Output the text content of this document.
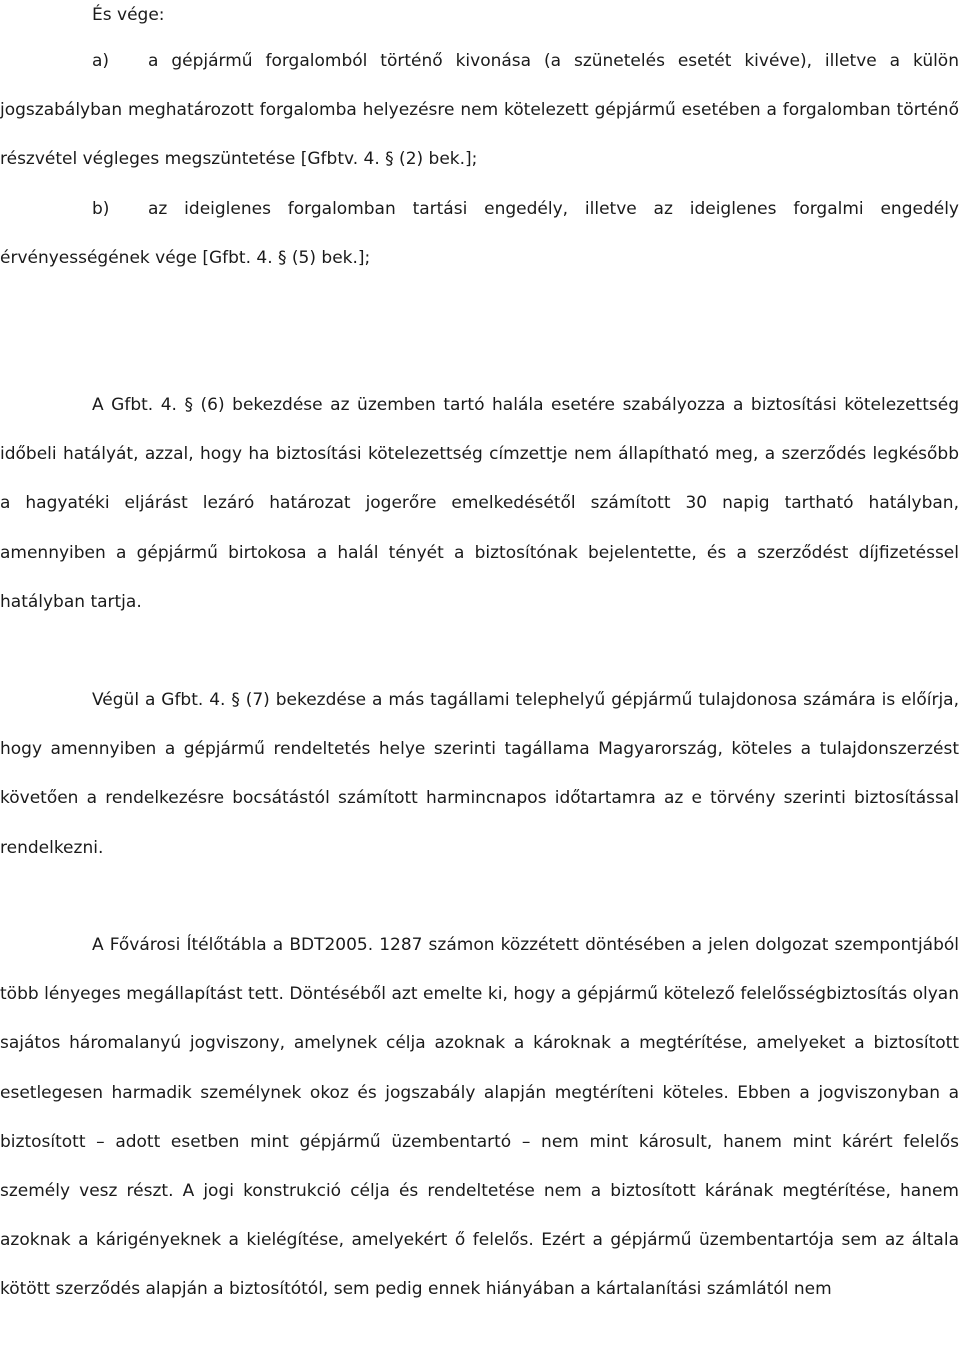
És vége:

a) a gépjármű forgalomból történő kivonása (a szünetelés esetét kivéve), illetve a külön jogszabályban meghatározott forgalomba helyezésre nem kötelezett gépjármű esetében a forgalomban történő részvétel végleges megszüntetése [Gfbtv. 4. § (2) bek.];
b) az ideiglenes forgalomban tartási engedély, illetve az ideiglenes forgalmi engedély érvényességének vége [Gfbt. 4. § (5) bek.];

A Gfbt. 4. § (6) bekezdése az üzemben tartó halála esetére szabályozza a biztosítási kötelezettség időbeli hatályát, azzal, hogy ha biztosítási kötelezettség címzettje nem állapítható meg, a szerződés legkésőbb a hagyatéki eljárást lezáró határozat jogerőre emelkedésétől számított 30 napig tartható hatályban, amennyiben a gépjármű birtokosa a halál tényét a biztosítónak bejelentette, és a szerződést díjfizetéssel hatályban tartja.

Végül a Gfbt. 4. § (7) bekezdése a más tagállami telephelyű gépjármű tulajdonosa számára is előírja, hogy amennyiben a gépjármű rendeltetés helye szerinti tagállama Magyarország, köteles a tulajdonszerzést követően a rendelkezésre bocsátástól számított harmincnapos időtartamra az e törvény szerinti biztosítással rendelkezni.

A Fővárosi Ítélőtábla a BDT2005. 1287 számon közzétett döntésében a jelen dolgozat szempontjából több lényeges megállapítást tett. Döntéséből azt emelte ki, hogy a gépjármű kötelező felelősségbiztosítás olyan sajátos háromalanyú jogviszony, amelynek célja azoknak a károknak a megtérítése, amelyeket a biztosított esetlegesen harmadik személynek okoz és jogszabály alapján megtéríteni köteles. Ebben a jogviszonyban a biztosított – adott esetben mint gépjármű üzembentartó – nem mint károsult, hanem mint kárért felelős személy vesz részt. A jogi konstrukció célja és rendeltetése nem a biztosított kárának megtérítése, hanem azoknak a kárigényeknek a kielégítése, amelyekért ő felelős. Ezért a gépjármű üzembentartója sem az általa kötött szerződés alapján a biztosítótól, sem pedig ennek hiányában a kártalanítási számlától nem
